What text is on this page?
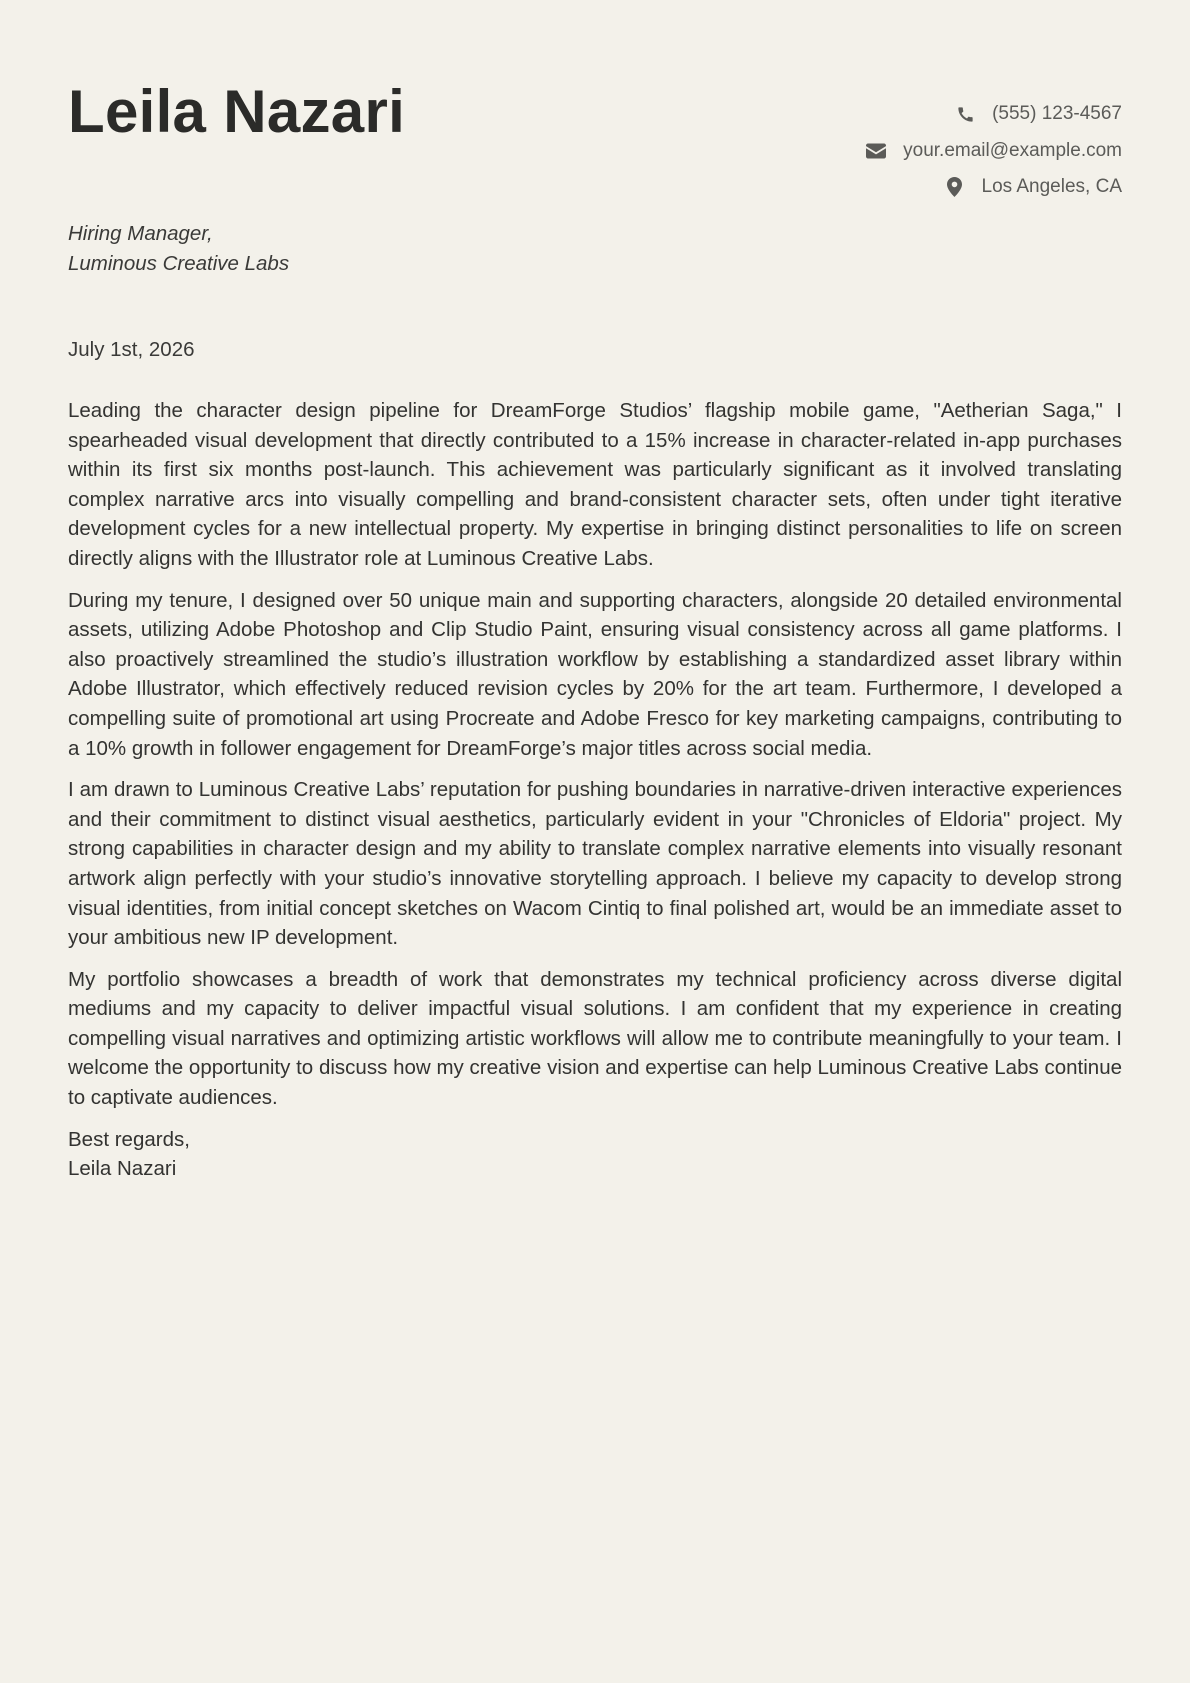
Leila Nazari	(555) 123-4567
your.email@example.com
Los Angeles, CA
Hiring Manager,
Luminous Creative Labs
July 1st, 2026

Leading the character design pipeline for DreamForge Studios’ flagship mobile game, "Aetherian Saga," I spearheaded visual development that directly contributed to a 15% increase in character-related in-app purchases within its first six months post-launch. This achievement was particularly significant as it involved translating complex narrative arcs into visually compelling and brand-consistent character sets, often under tight iterative development cycles for a new intellectual property. My expertise in bringing distinct personalities to life on screen directly aligns with the Illustrator role at Luminous Creative Labs.

During my tenure, I designed over 50 unique main and supporting characters, alongside 20 detailed environmental assets, utilizing Adobe Photoshop and Clip Studio Paint, ensuring visual consistency across all game platforms. I also proactively streamlined the studio’s illustration workflow by establishing a standardized asset library within Adobe Illustrator, which effectively reduced revision cycles by 20% for the art team. Furthermore, I developed a compelling suite of promotional art using Procreate and Adobe Fresco for key marketing campaigns, contributing to a 10% growth in follower engagement for DreamForge’s major titles across social media.

I am drawn to Luminous Creative Labs’ reputation for pushing boundaries in narrative-driven interactive experiences and their commitment to distinct visual aesthetics, particularly evident in your "Chronicles of Eldoria" project. My strong capabilities in character design and my ability to translate complex narrative elements into visually resonant artwork align perfectly with your studio’s innovative storytelling approach. I believe my capacity to develop strong visual identities, from initial concept sketches on Wacom Cintiq to final polished art, would be an immediate asset to your ambitious new IP development.

My portfolio showcases a breadth of work that demonstrates my technical proficiency across diverse digital mediums and my capacity to deliver impactful visual solutions. I am confident that my experience in creating compelling visual narratives and optimizing artistic workflows will allow me to contribute meaningfully to your team. I welcome the opportunity to discuss how my creative vision and expertise can help Luminous Creative Labs continue to captivate audiences.

Best regards,
Leila Nazari
